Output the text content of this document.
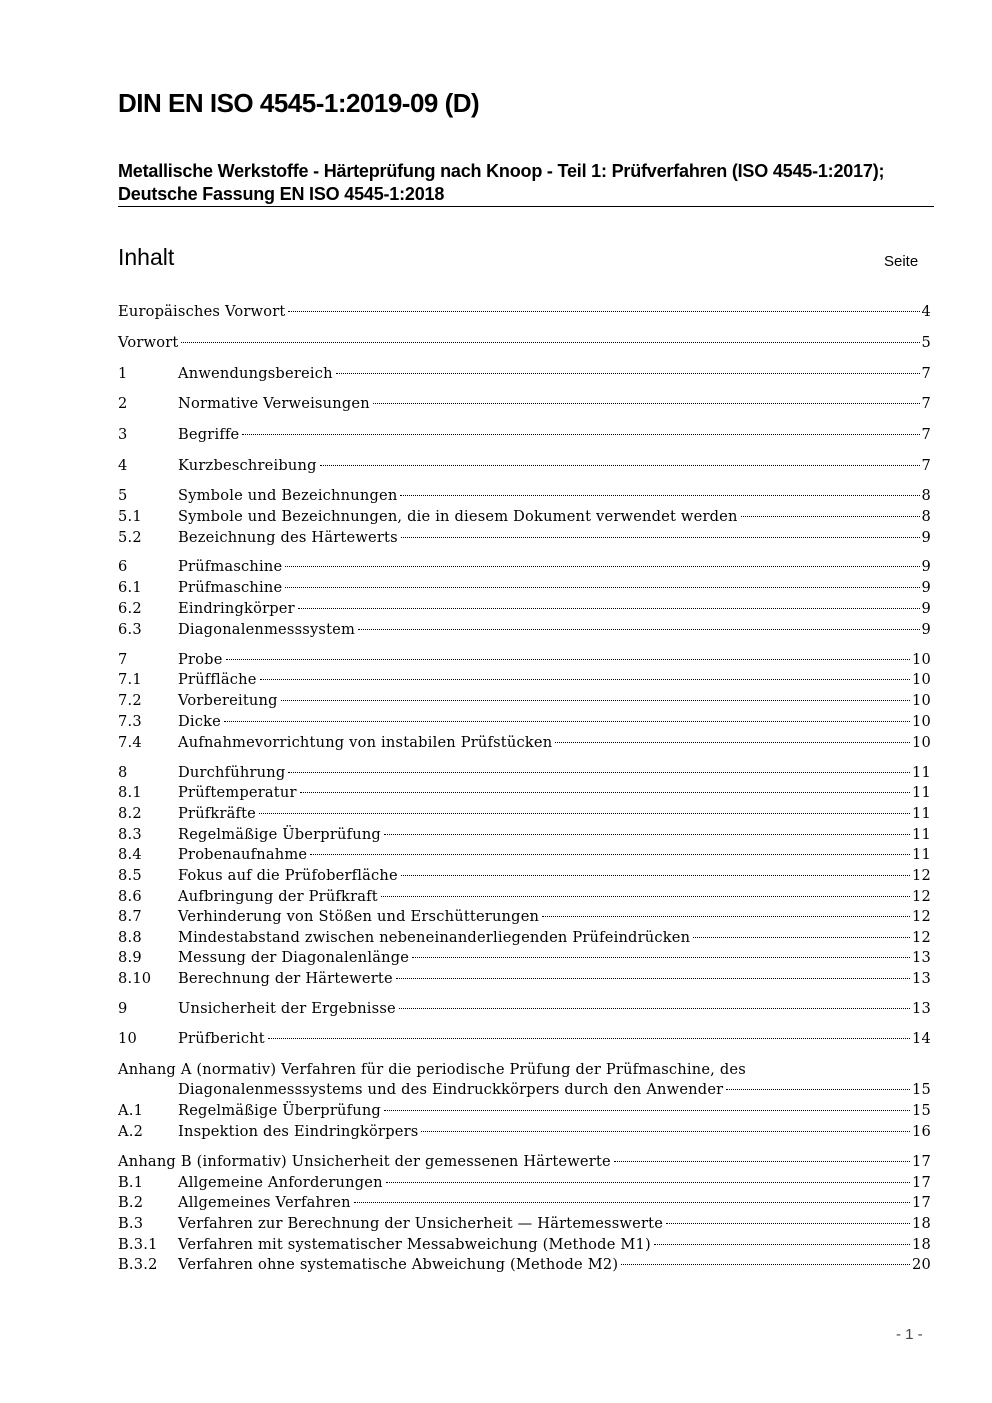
DIN EN ISO 4545-1:2019-09 (D)
Metallische Werkstoffe - Härteprüfung nach Knoop - Teil 1: Prüfverfahren (ISO 4545-1:2017); Deutsche Fassung EN ISO 4545-1:2018
Inhalt	Seite
Europäisches Vorwort	4
Vorwort	5
1	Anwendungsbereich	7
2	Normative Verweisungen	7
3	Begriffe	7
4	Kurzbeschreibung	7
5	Symbole und Bezeichnungen	8
5.1 Symbole und Bezeichnungen, die in diesem Dokument verwendet werden	8
5.2 Bezeichnung des Härtewerts	9
6	Prüfmaschine	9
6.1 Prüfmaschine	9
6.2 Eindringkörper	9
6.3 Diagonalenmesssystem	9
7	Probe	10
7.1 Prüffläche	10
7.2 Vorbereitung	10
7.3 Dicke	10
7.4 Aufnahmevorrichtung von instabilen Prüfstücken	10
8	Durchführung	11
8.1 Prüftemperatur	11
8.2 Prüfkräfte	11
8.3 Regelmäßige Überprüfung	11
8.4 Probenaufnahme	11
8.5 Fokus auf die Prüfoberfläche	12
8.6 Aufbringung der Prüfkraft	12
8.7 Verhinderung von Stößen und Erschütterungen	12
8.8 Mindestabstand zwischen nebeneinanderliegenden Prüfeindrücken	12
8.9 Messung der Diagonalenlänge	13
8.10 Berechnung der Härtewerte	13
9	Unsicherheit der Ergebnisse	13
10	Prüfbericht	14
Anhang A (normativ) Verfahren für die periodische Prüfung der Prüfmaschine, des
Diagonalenmesssystems und des Eindruckkörpers durch den Anwender	15
A.1 Regelmäßige Überprüfung	15
A.2 Inspektion des Eindringkörpers	16
Anhang B (informativ) Unsicherheit der gemessenen Härtewerte	17
B.1 Allgemeine Anforderungen	17
B.2 Allgemeines Verfahren	17
B.3 Verfahren zur Berechnung der Unsicherheit — Härtemesswerte	18
B.3.1 Verfahren mit systematischer Messabweichung (Methode M1)	18
B.3.2 Verfahren ohne systematische Abweichung (Methode M2)	20
- 1 -
